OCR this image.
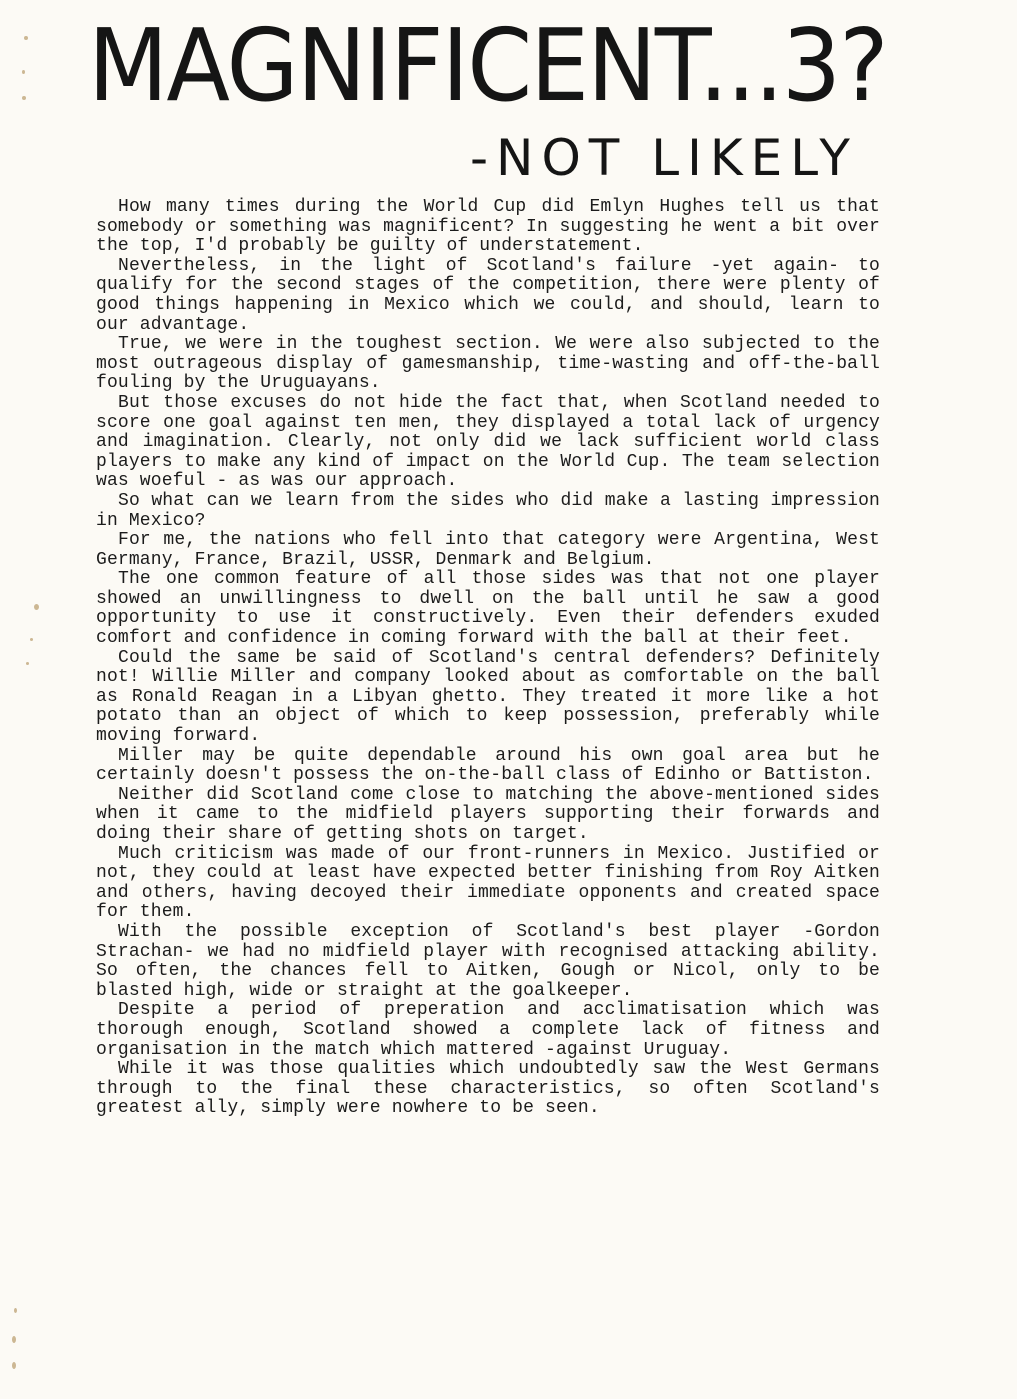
MAGNIFICENT...3?
-NOT LIKELY

How many times during the World Cup did Emlyn Hughes tell us that somebody or something was magnificent? In suggesting he went a bit over the top, I'd probably be guilty of understatement.

Nevertheless, in the light of Scotland's failure -yet again- to qualify for the second stages of the competition, there were plenty of good things happening in Mexico which we could, and should, learn to our advantage.

True, we were in the toughest section. We were also subjected to the most outrageous display of gamesmanship, time-wasting and off-the-ball fouling by the Uruguayans.

But those excuses do not hide the fact that, when Scotland needed to score one goal against ten men, they displayed a total lack of urgency and imagination. Clearly, not only did we lack sufficient world class players to make any kind of impact on the World Cup. The team selection was woeful - as was our approach.

So what can we learn from the sides who did make a lasting impression in Mexico?

For me, the nations who fell into that category were Argentina, West Germany, France, Brazil, USSR, Denmark and Belgium.

The one common feature of all those sides was that not one player showed an unwillingness to dwell on the ball until he saw a good opportunity to use it constructively. Even their defenders exuded comfort and confidence in coming forward with the ball at their feet.

Could the same be said of Scotland's central defenders? Definitely not! Willie Miller and company looked about as comfortable on the ball as Ronald Reagan in a Libyan ghetto. They treated it more like a hot potato than an object of which to keep possession, preferably while moving forward.

Miller may be quite dependable around his own goal area but he certainly doesn't possess the on-the-ball class of Edinho or Battiston.

Neither did Scotland come close to matching the above-mentioned sides when it came to the midfield players supporting their forwards and doing their share of getting shots on target.

Much criticism was made of our front-runners in Mexico. Justified or not, they could at least have expected better finishing from Roy Aitken and others, having decoyed their immediate opponents and created space for them.

With the possible exception of Scotland's best player -Gordon Strachan- we had no midfield player with recognised attacking ability. So often, the chances fell to Aitken, Gough or Nicol, only to be blasted high, wide or straight at the goalkeeper.

Despite a period of preperation and acclimatisation which was thorough enough, Scotland showed a complete lack of fitness and organisation in the match which mattered -against Uruguay.

While it was those qualities which undoubtedly saw the West Germans through to the final these characteristics, so often Scotland's greatest ally, simply were nowhere to be seen.
